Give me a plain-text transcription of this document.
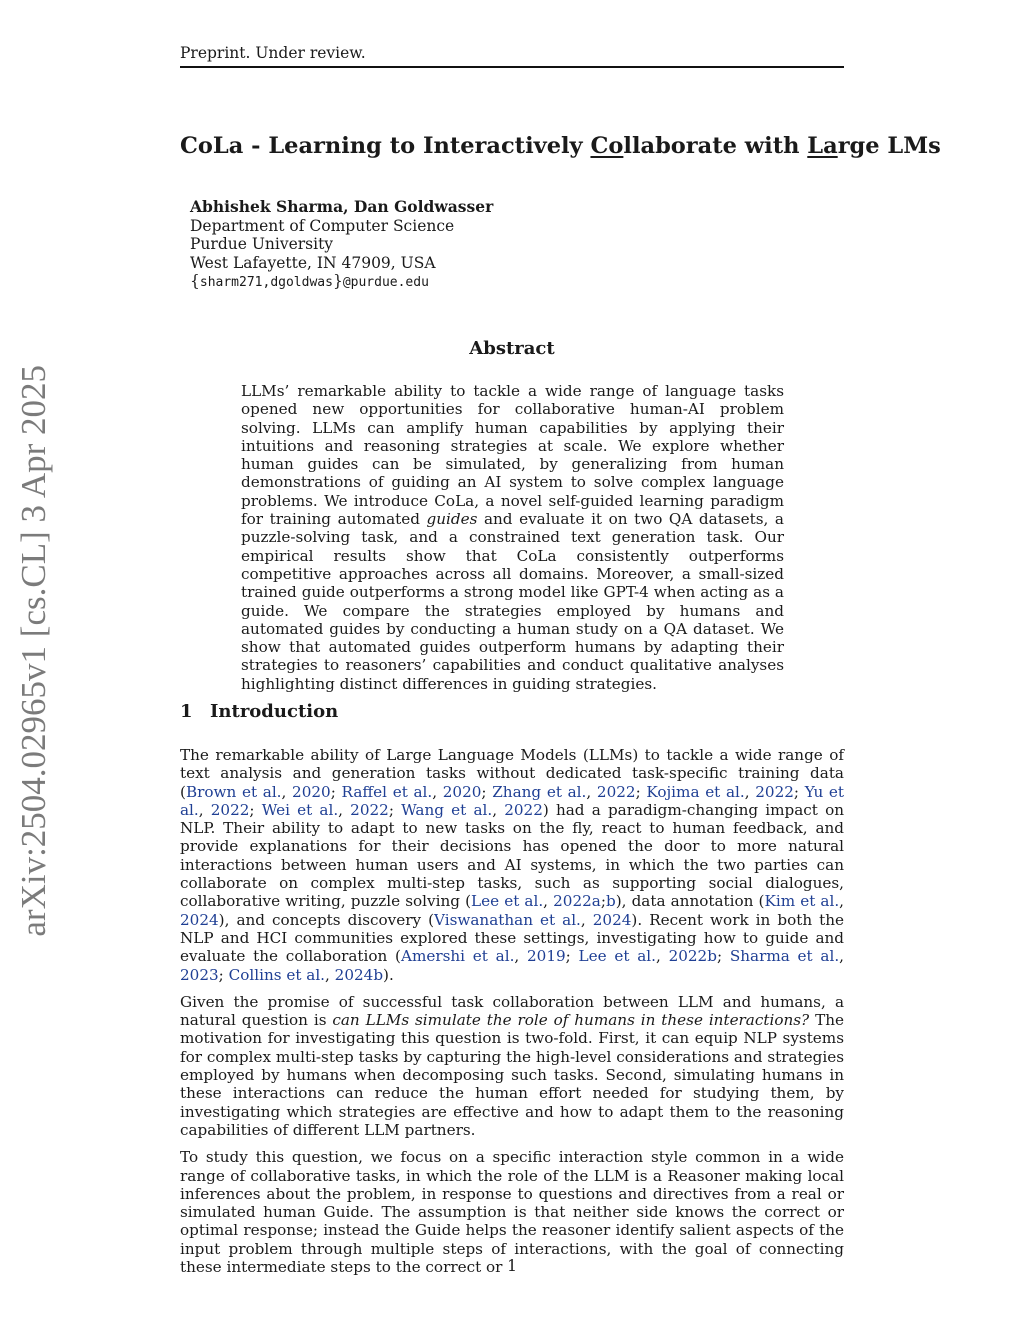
Preprint. Under review.
arXiv:2504.02965v1 [cs.CL] 3 Apr 2025
CoLa - Learning to Interactively Collaborate with Large LMs
Abhishek Sharma, Dan Goldwasser
Department of Computer Science
Purdue University
West Lafayette, IN 47909, USA
{sharm271,dgoldwas}@purdue.edu
Abstract
LLMs’ remarkable ability to tackle a wide range of language tasks opened new opportunities for collaborative human-AI problem solving. LLMs can amplify human capabilities by applying their intuitions and reasoning strategies at scale. We explore whether human guides can be simulated, by generalizing from human demonstrations of guiding an AI system to solve complex language problems. We introduce CoLa, a novel self-guided learning paradigm for training automated guides and evaluate it on two QA datasets, a puzzle-solving task, and a constrained text generation task. Our empirical results show that CoLa consistently outperforms competitive approaches across all domains. Moreover, a small-sized trained guide outperforms a strong model like GPT-4 when acting as a guide. We compare the strategies employed by humans and automated guides by conducting a human study on a QA dataset. We show that automated guides outperform humans by adapting their strategies to reasoners’ capabilities and conduct qualitative analyses highlighting distinct differences in guiding strategies.
1 Introduction

The remarkable ability of Large Language Models (LLMs) to tackle a wide range of text analysis and generation tasks without dedicated task-specific training data (Brown et al., 2020; Raffel et al., 2020; Zhang et al., 2022; Kojima et al., 2022; Yu et al., 2022; Wei et al., 2022; Wang et al., 2022) had a paradigm-changing impact on NLP. Their ability to adapt to new tasks on the fly, react to human feedback, and provide explanations for their decisions has opened the door to more natural interactions between human users and AI systems, in which the two parties can collaborate on complex multi-step tasks, such as supporting social dialogues, collaborative writing, puzzle solving (Lee et al., 2022a;b), data annotation (Kim et al., 2024), and concepts discovery (Viswanathan et al., 2024). Recent work in both the NLP and HCI communities explored these settings, investigating how to guide and evaluate the collaboration (Amershi et al., 2019; Lee et al., 2022b; Sharma et al., 2023; Collins et al., 2024b).

Given the promise of successful task collaboration between LLM and humans, a natural question is can LLMs simulate the role of humans in these interactions? The motivation for investigating this question is two-fold. First, it can equip NLP systems for complex multi-step tasks by capturing the high-level considerations and strategies employed by humans when decomposing such tasks. Second, simulating humans in these interactions can reduce the human effort needed for studying them, by investigating which strategies are effective and how to adapt them to the reasoning capabilities of different LLM partners.

To study this question, we focus on a specific interaction style common in a wide range of collaborative tasks, in which the role of the LLM is a Reasoner making local inferences about the problem, in response to questions and directives from a real or simulated human Guide. The assumption is that neither side knows the correct or optimal response; instead the Guide helps the reasoner identify salient aspects of the input problem through multiple steps of interactions, with the goal of connecting these intermediate steps to the correct or 1
